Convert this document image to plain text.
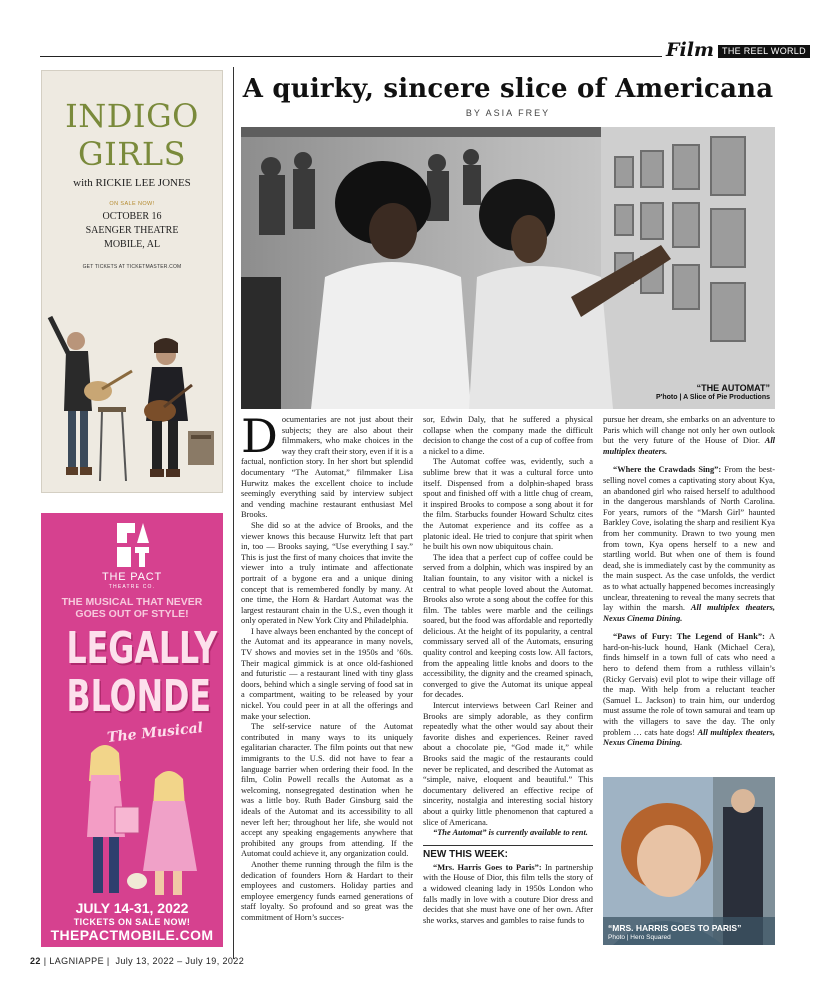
Film THE REEL WORLD
INDIGO
GIRLS
with RICKIE LEE JONES
ON SALE NOW!
OCTOBER 16
SAENGER THEATRE
MOBILE, AL
GET TICKETS AT TICKETMASTER.COM
THE PACT
THEATRE CO.
THE MUSICAL THAT NEVER
GOES OUT OF STYLE!
LEGALLY
BLONDE
The Musical
JULY 14-31, 2022
TICKETS ON SALE NOW!
THEPACTMOBILE.COM
A quirky, sincere slice of Americana
BY ASIA FREY
“THE AUTOMAT”
P'hoto | A Slice of Pie Productions

Documentaries are not just about their subjects; they are also about their filmmakers, who make choices in the way they craft their story, even if it is a factual, nonfiction story. In her short but splendid documentary “The Automat,” filmmaker Lisa Hurwitz makes the excellent choice to include seemingly everything said by interview subject and vending machine restaurant enthusiast Mel Brooks.

She did so at the advice of Brooks, and the viewer knows this because Hurwitz left that part in, too — Brooks saying, “Use everything I say.” This is just the first of many choices that invite the viewer into a truly intimate and affectionate portrait of a bygone era and a unique dining concept that is remembered fondly by many. At one time, the Horn & Hardart Automat was the largest restaurant chain in the U.S., even though it only operated in New York City and Philadelphia.

I have always been enchanted by the concept of the Automat and its appearance in many novels, TV shows and movies set in the 1950s and ’60s. Their magical gimmick is at once old-fashioned and futuristic — a restaurant lined with tiny glass doors, behind which a single serving of food sat in a compartment, waiting to be released by your nickel. You could peer in at all the offerings and make your selection.

The self-service nature of the Automat contributed in many ways to its uniquely egalitarian character. The film points out that new immigrants to the U.S. did not have to fear a language barrier when ordering their food. In the film, Colin Powell recalls the Automat as a welcoming, nonsegregated destination when he was a little boy. Ruth Bader Ginsburg said the ideals of the Automat and its accessibility to all never left her; throughout her life, she would not accept any speaking engagements anywhere that prohibited any groups from attending. If the Automat could achieve it, any organization could.

Another theme running through the film is the dedication of founders Horn & Hardart to their employees and customers. Holiday parties and employee emergency funds earned generations of staff loyalty. So profound and so great was the commitment of Horn’s succes-

sor, Edwin Daly, that he suffered a physical collapse when the company made the difficult decision to change the cost of a cup of coffee from a nickel to a dime.

The Automat coffee was, evidently, such a sublime brew that it was a cultural force unto itself. Dispensed from a dolphin-shaped brass spout and finished off with a little chug of cream, it inspired Brooks to compose a song about it for the film. Starbucks founder Howard Schultz cites the Automat experience and its coffee as a platonic ideal. He tried to conjure that spirit when he built his own now ubiquitous chain.

The idea that a perfect cup of coffee could be served from a dolphin, which was inspired by an Italian fountain, to any visitor with a nickel is central to what people loved about the Automat. Brooks also wrote a song about the coffee for this film. The tables were marble and the ceilings soared, but the food was affordable and reportedly delicious. At the height of its popularity, a central commissary served all of the Automats, ensuring quality control and keeping costs low. All factors, from the appealing little knobs and doors to the accessibility, the dignity and the creamed spinach, converged to give the Automat its unique appeal for decades.

Intercut interviews between Carl Reiner and Brooks are simply adorable, as they confirm repeatedly what the other would say about their favorite dishes and experiences. Reiner raved about a chocolate pie, “God made it,” while Brooks said the magic of the restaurants could never be replicated, and described the Automat as “simple, naive, eloquent and beautiful.” This documentary delivered an effective recipe of sincerity, nostalgia and interesting social history about a quirky little phenomenon that captured a slice of Americana.

“The Automat” is currently available to rent.

NEW THIS WEEK:

“Mrs. Harris Goes to Paris”: In partnership with the House of Dior, this film tells the story of a widowed cleaning lady in 1950s London who falls madly in love with a couture Dior dress and decides that she must have one of her own. After she works, starves and gambles to raise funds to

pursue her dream, she embarks on an adventure to Paris which will change not only her own outlook but the very future of the House of Dior. All multiplex theaters.

“Where the Crawdads Sing”: From the best-selling novel comes a captivating story about Kya, an abandoned girl who raised herself to adulthood in the dangerous marshlands of North Carolina. For years, rumors of the “Marsh Girl” haunted Barkley Cove, isolating the sharp and resilient Kya from her community. Drawn to two young men from town, Kya opens herself to a new and startling world. But when one of them is found dead, she is immediately cast by the community as the main suspect. As the case unfolds, the verdict as to what actually happened becomes increasingly unclear, threatening to reveal the many secrets that lay within the marsh. All multiplex theaters, Nexus Cinema Dining.

“Paws of Fury: The Legend of Hank”: A hard-on-his-luck hound, Hank (Michael Cera), finds himself in a town full of cats who need a hero to defend them from a ruthless villain’s (Ricky Gervais) evil plot to wipe their village off the map. With help from a reluctant teacher (Samuel L. Jackson) to train him, our underdog must assume the role of town samurai and team up with the villagers to save the day. The only problem … cats hate dogs! All multiplex theaters, Nexus Cinema Dining.

“MRS. HARRIS GOES TO PARIS”
Photo | Hero Squared
22 | LAGNIAPPE |  July 13, 2022 – July 19, 2022
